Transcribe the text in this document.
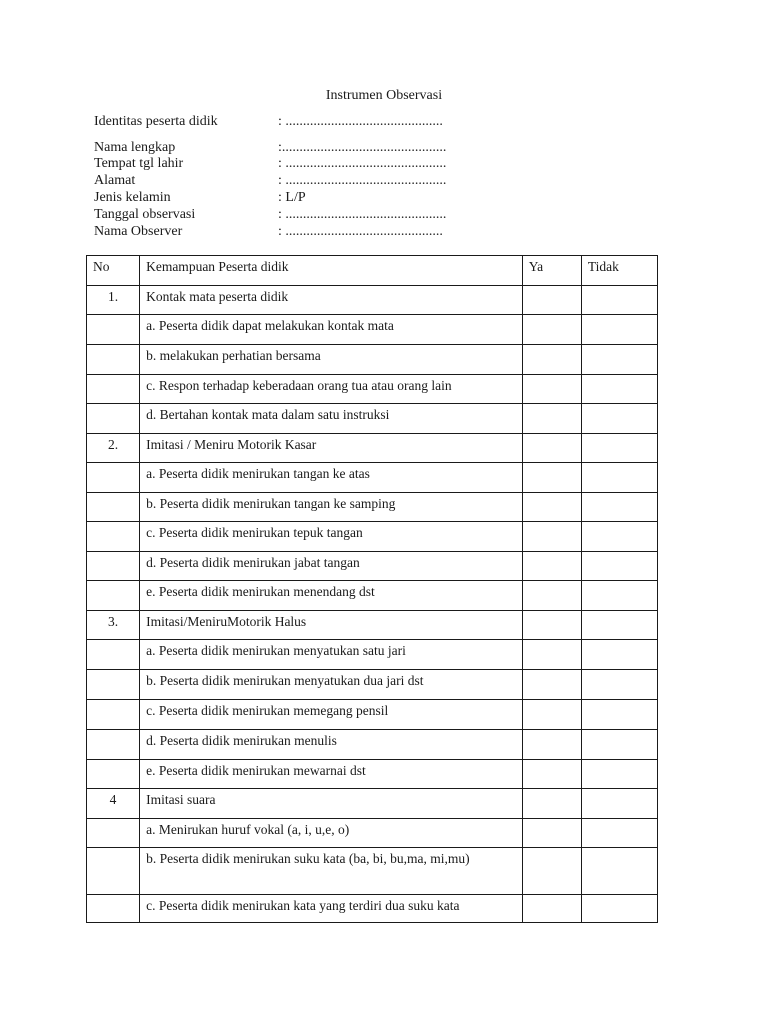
Instrumen Observasi
Identitas peserta didik	: .............................................
Nama lengkap	:...............................................
Tempat tgl lahir	: ..............................................
Alamat	: ..............................................
Jenis kelamin	: L/P
Tanggal observasi	: ..............................................
Nama Observer	: .............................................
No	Kemampuan Peserta didik	Ya	Tidak
1.	Kontak mata peserta didik		
	a. Peserta didik dapat melakukan kontak mata		
	b. melakukan perhatian bersama		
	c. Respon terhadap keberadaan orang tua atau orang lain		
	d. Bertahan kontak mata dalam satu instruksi		
2.	Imitasi / Meniru Motorik Kasar		
	a. Peserta didik menirukan tangan ke atas		
	b. Peserta didik menirukan tangan ke samping		
	c. Peserta didik menirukan tepuk tangan		
	d. Peserta didik menirukan jabat tangan		
	e. Peserta didik menirukan menendang dst		
3.	Imitasi/MeniruMotorik Halus		
	a. Peserta didik menirukan menyatukan satu jari		
	b. Peserta didik menirukan menyatukan dua jari dst		
	c. Peserta didik menirukan memegang pensil		
	d. Peserta didik menirukan menulis		
	e. Peserta didik menirukan mewarnai dst		
4	Imitasi suara		
	a. Menirukan huruf vokal (a, i, u,e, o)		
	b. Peserta didik menirukan suku kata (ba, bi, bu,ma, mi,mu)		
	c. Peserta didik menirukan kata yang terdiri dua suku kata		
